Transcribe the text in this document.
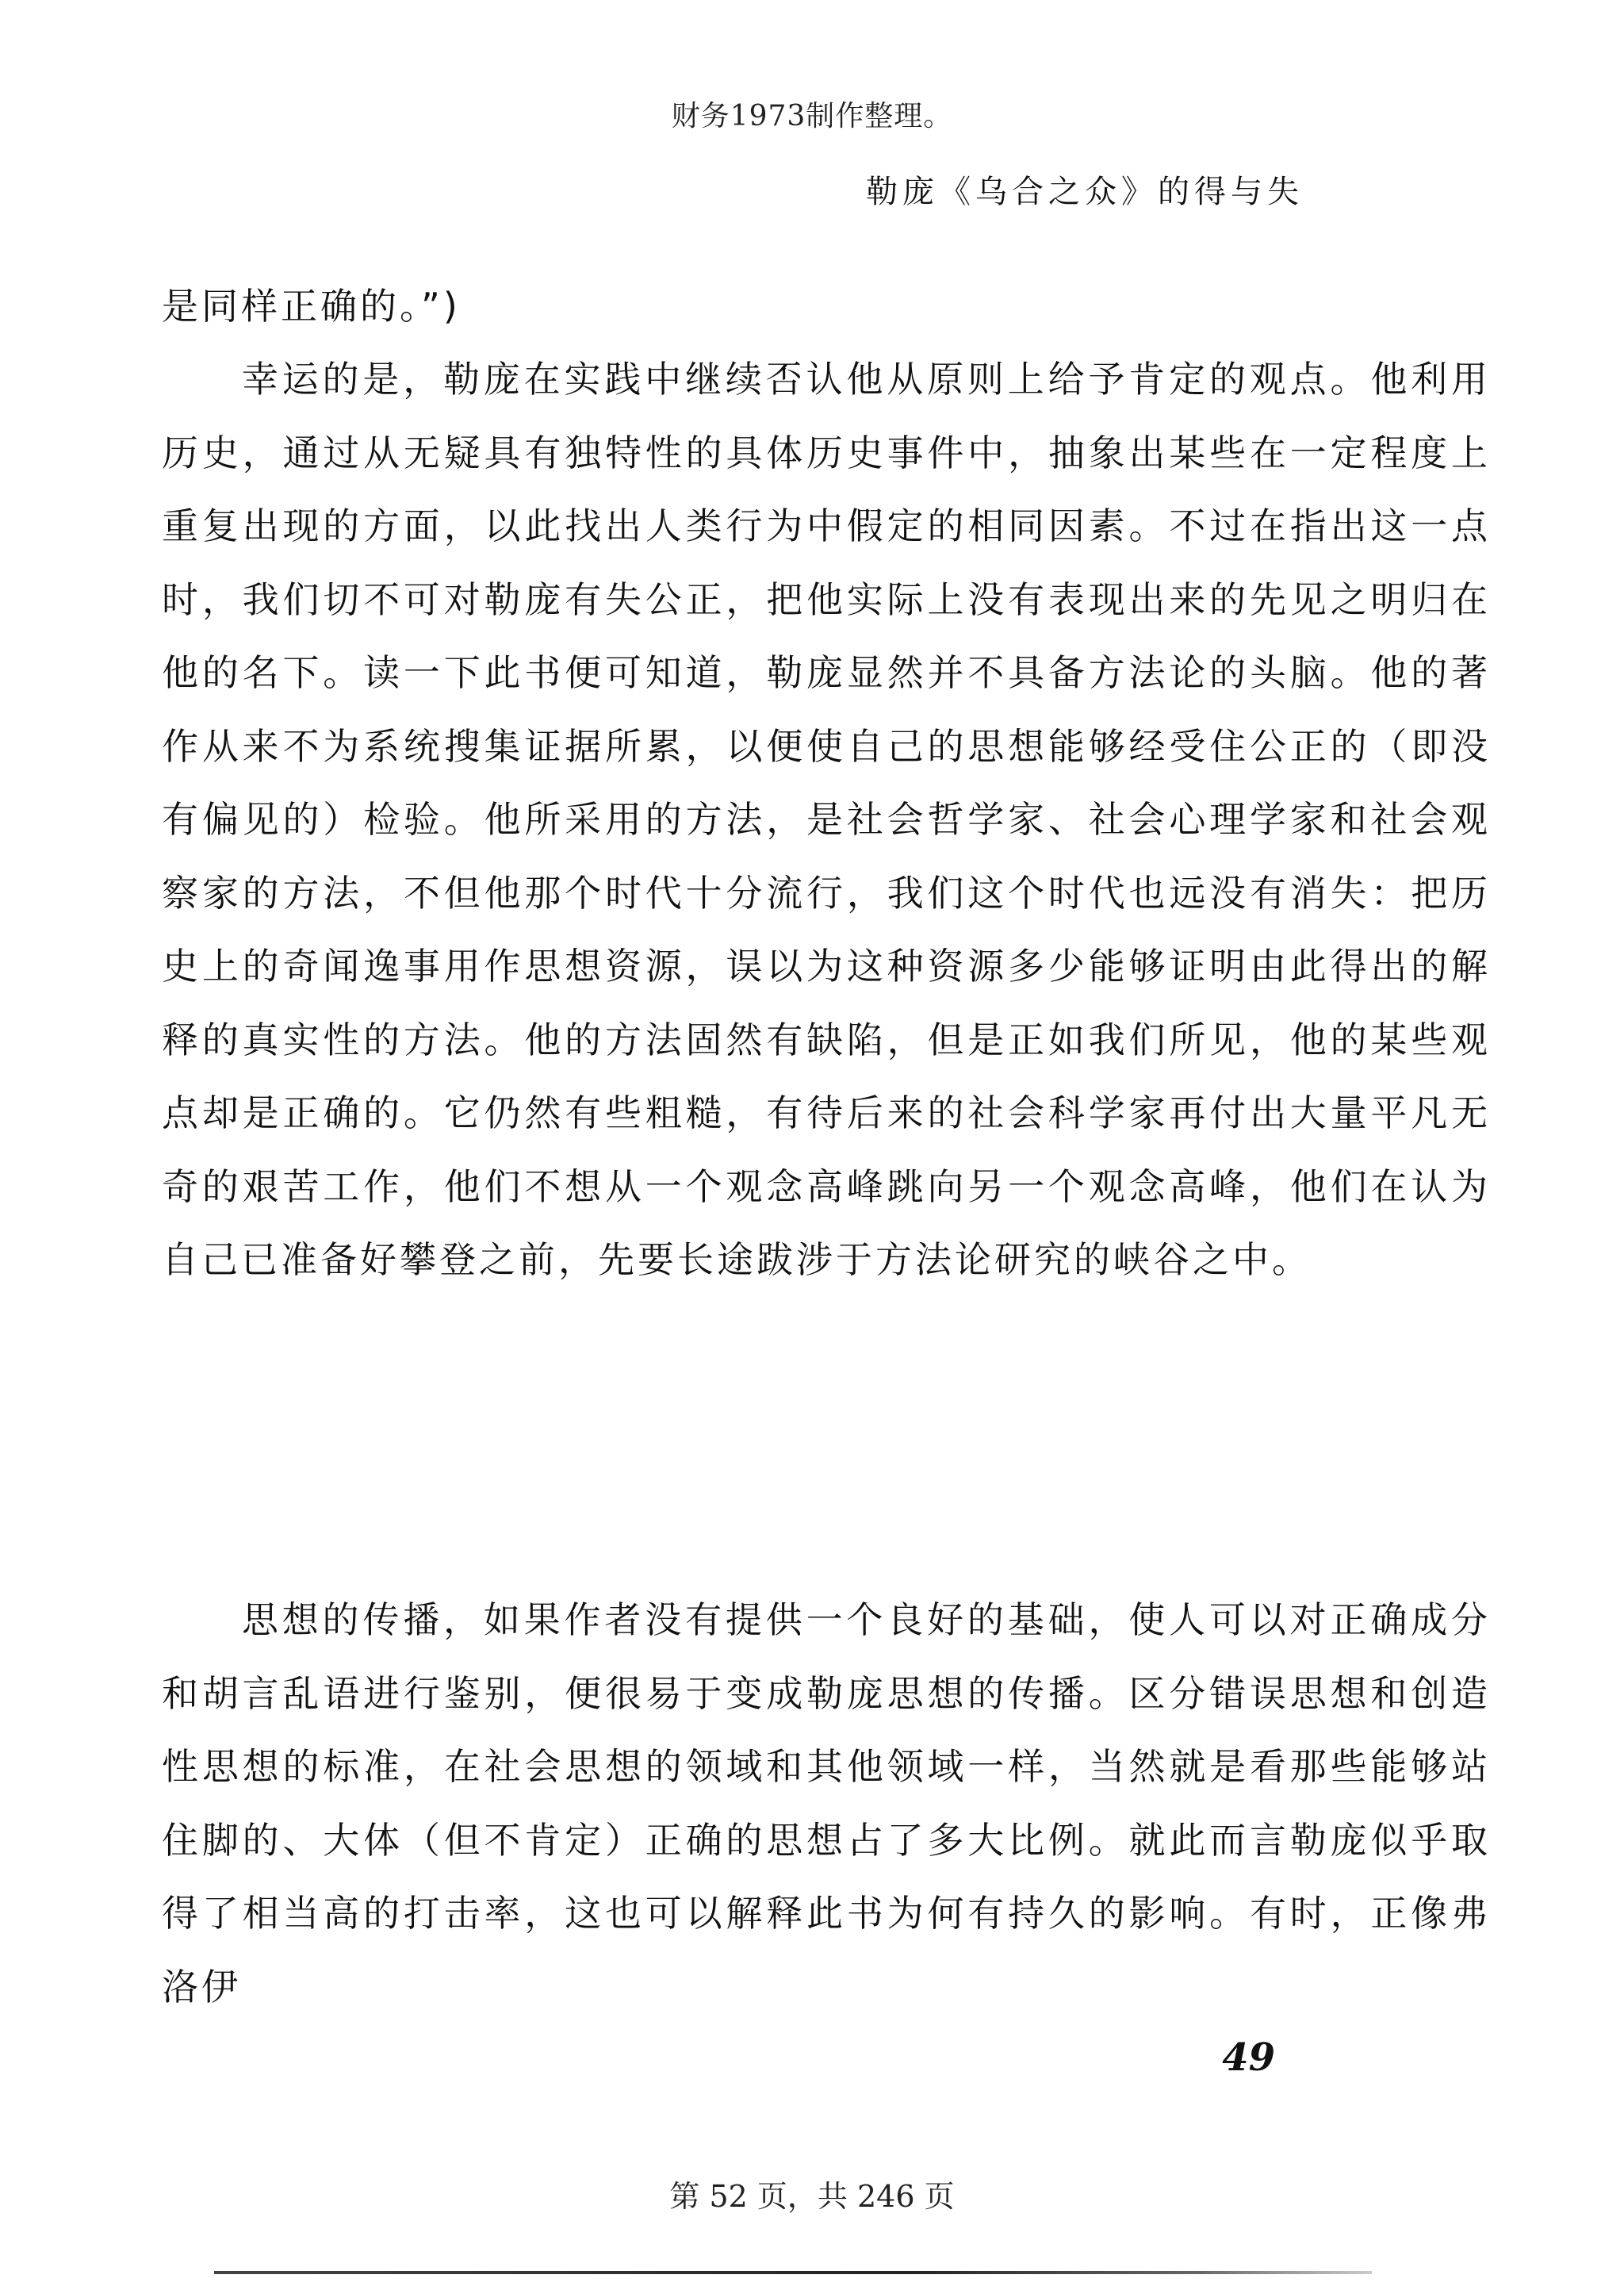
财务1973制作整理。
勒庞《乌合之众》的得与失

是同样正确的。”)

幸运的是，勒庞在实践中继续否认他从原则上给予肯定的观点。他利用历史，通过从无疑具有独特性的具体历史事件中，抽象出某些在一定程度上重复出现的方面，以此找出人类行为中假定的相同因素。不过在指出这一点时，我们切不可对勒庞有失公正，把他实际上没有表现出来的先见之明归在他的名下。读一下此书便可知道，勒庞显然并不具备方法论的头脑。他的著作从来不为系统搜集证据所累，以便使自己的思想能够经受住公正的（即没有偏见的）检验。他所采用的方法，是社会哲学家、社会心理学家和社会观察家的方法，不但他那个时代十分流行，我们这个时代也远没有消失：把历史上的奇闻逸事用作思想资源，误以为这种资源多少能够证明由此得出的解释的真实性的方法。他的方法固然有缺陷，但是正如我们所见，他的某些观点却是正确的。它仍然有些粗糙，有待后来的社会科学家再付出大量平凡无奇的艰苦工作，他们不想从一个观念高峰跳向另一个观念高峰，他们在认为自己已准备好攀登之前，先要长途跋涉于方法论研究的峡谷之中。

思想的传播，如果作者没有提供一个良好的基础，使人可以对正确成分和胡言乱语进行鉴别，便很易于变成勒庞思想的传播。区分错误思想和创造性思想的标准，在社会思想的领域和其他领域一样，当然就是看那些能够站住脚的、大体（但不肯定）正确的思想占了多大比例。就此而言勒庞似乎取得了相当高的打击率，这也可以解释此书为何有持久的影响。有时，正像弗洛伊

49
第 52 页，共 246 页
